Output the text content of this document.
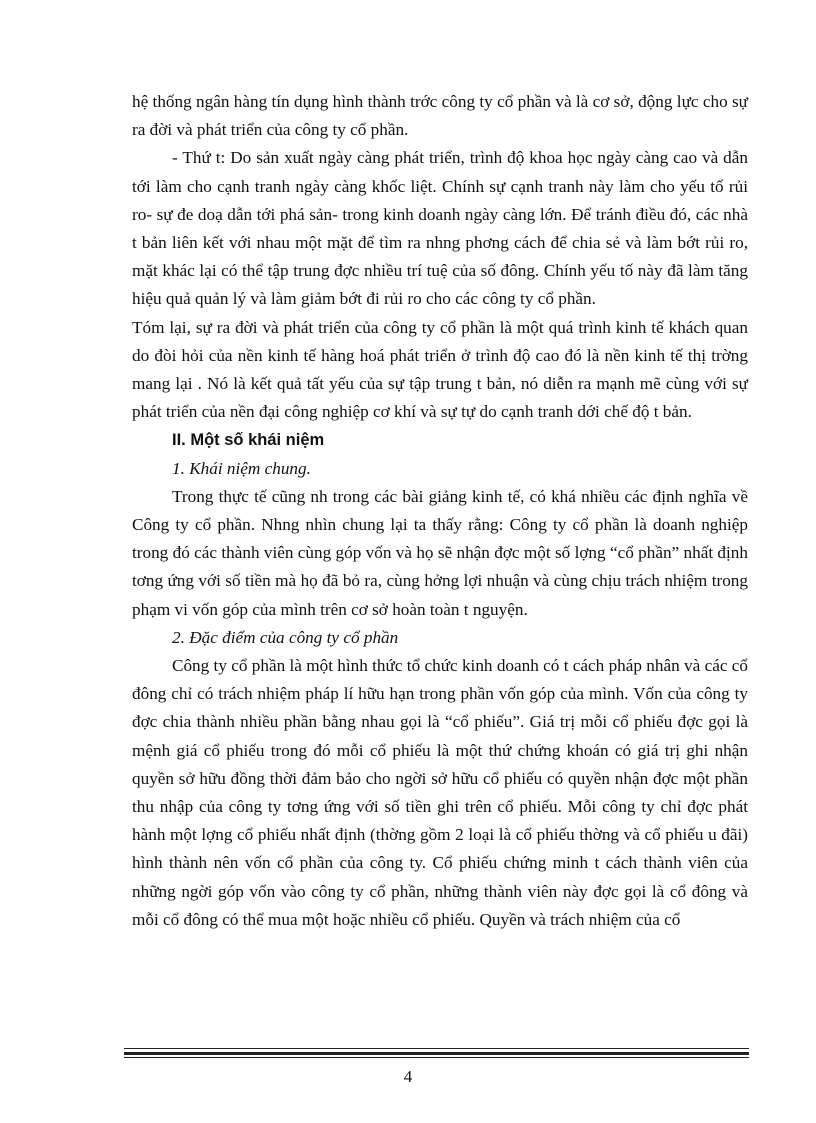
hệ thống ngân hàng tín dụng hình thành trớc công ty cổ phần và là cơ sở, động lực cho sự ra đời và phát triển của công ty cổ phần.

- Thứ t: Do sản xuất ngày càng phát triển, trình độ khoa học ngày càng cao và dẫn tới làm cho cạnh tranh ngày càng khốc liệt. Chính sự cạnh tranh này làm cho yếu tố rủi ro- sự đe doạ dẫn tới phá sản- trong kinh doanh ngày càng lớn. Để tránh điều đó, các nhà t bản liên kết với nhau một mặt để tìm ra nhng phơng cách để chia sẻ và làm bớt rủi ro, mặt khác lại có thể tập trung đợc nhiều trí tuệ của số đông. Chính yếu tố này đã làm tăng hiệu quả quản lý và làm giảm bớt đi rủi ro cho các công ty cổ phần.

Tóm lại, sự ra đời và phát triển của công ty cổ phần là một quá trình kinh tế khách quan do đòi hỏi của nền kinh tế hàng hoá phát triển ở trình độ cao đó là nền kinh tế thị trờng mang lại . Nó là kết quả tất yếu của sự tập trung t bản, nó diễn ra mạnh mẽ cùng với sự phát triển của nền đại công nghiệp cơ khí và sự tự do cạnh tranh dới chế độ t bản.

II. Một số khái niệm

1. Khái niệm chung.

Trong thực tế cũng nh trong các bài giảng kinh tế, có khá nhiều các định nghĩa về Công ty cổ phần. Nhng nhìn chung lại ta thấy rằng: Công ty cổ phần là doanh nghiệp trong đó các thành viên cùng góp vốn và họ sẽ nhận đợc một số lợng “cổ phần” nhất định tơng ứng với số tiền mà họ đã bỏ ra, cùng hởng lợi nhuận và cùng chịu trách nhiệm trong phạm vi vốn góp của mình trên cơ sở hoàn toàn t nguyện.

2. Đặc điểm của công ty cổ phần

Công ty cổ phần là một hình thức tổ chức kinh doanh có t cách pháp nhân và các cổ đông chỉ có trách nhiệm pháp lí hữu hạn trong phần vốn góp của mình. Vốn của công ty đợc chia thành nhiều phần bằng nhau gọi là “cổ phiếu”. Giá trị mỗi cổ phiếu đợc gọi là mệnh giá cổ phiếu trong đó mỗi cổ phiếu là một thứ chứng khoán có giá trị ghi nhận quyền sở hữu đồng thời đảm bảo cho ngời sở hữu cổ phiếu có quyền nhận đợc một phần thu nhập của công ty tơng ứng với số tiền ghi trên cổ phiếu. Mỗi công ty chỉ đợc phát hành một lợng cổ phiếu nhất định (thờng gồm 2 loại là cổ phiếu thờng và cổ phiếu u đãi) hình thành nên vốn cổ phần của công ty. Cổ phiếu chứng minh t cách thành viên của những ngời góp vốn vào công ty cổ phần, những thành viên này đợc gọi là cổ đông và mỗi cổ đông có thể mua một hoặc nhiều cổ phiếu. Quyền và trách nhiệm của cổ

4
